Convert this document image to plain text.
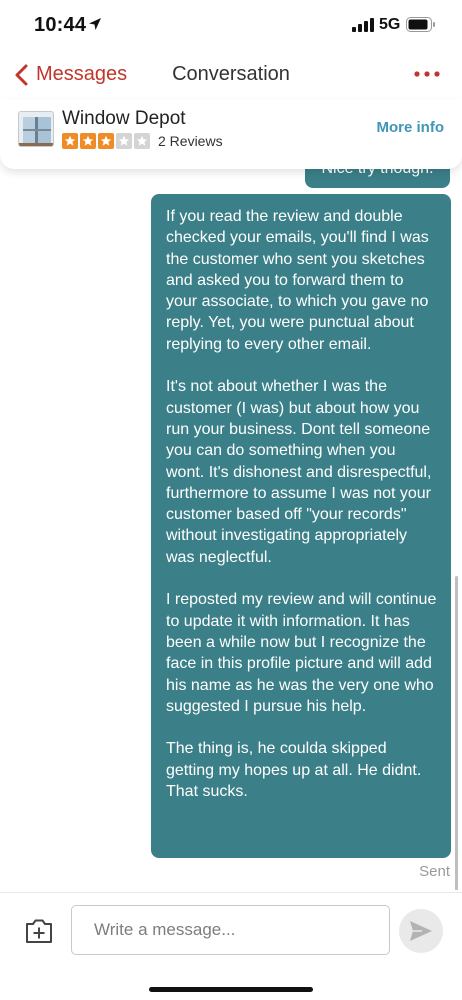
10:44	5G
Messages	Conversation

If you read the review and double checked your emails, you'll find I was the customer who sent you sketches and asked you to forward them to your associate, to which you gave no reply. Yet, you were punctual about replying to every other email.

It's not about whether I was the customer (I was) but about how you run your business. Dont tell someone you can do something when you wont. It's dishonest and disrespectful, furthermore to assume I was not your customer based off "your records" without investigating appropriately was neglectful.

I reposted my review and will continue to update it with information. It has been a while now but I recognize the face in this profile picture and will add his name as he was the very one who suggested I pursue his help.

The thing is, he coulda skipped getting my hopes up at all. He didnt. That sucks.

Sent
Window Depot
2 Reviews
More info
Write a message...
